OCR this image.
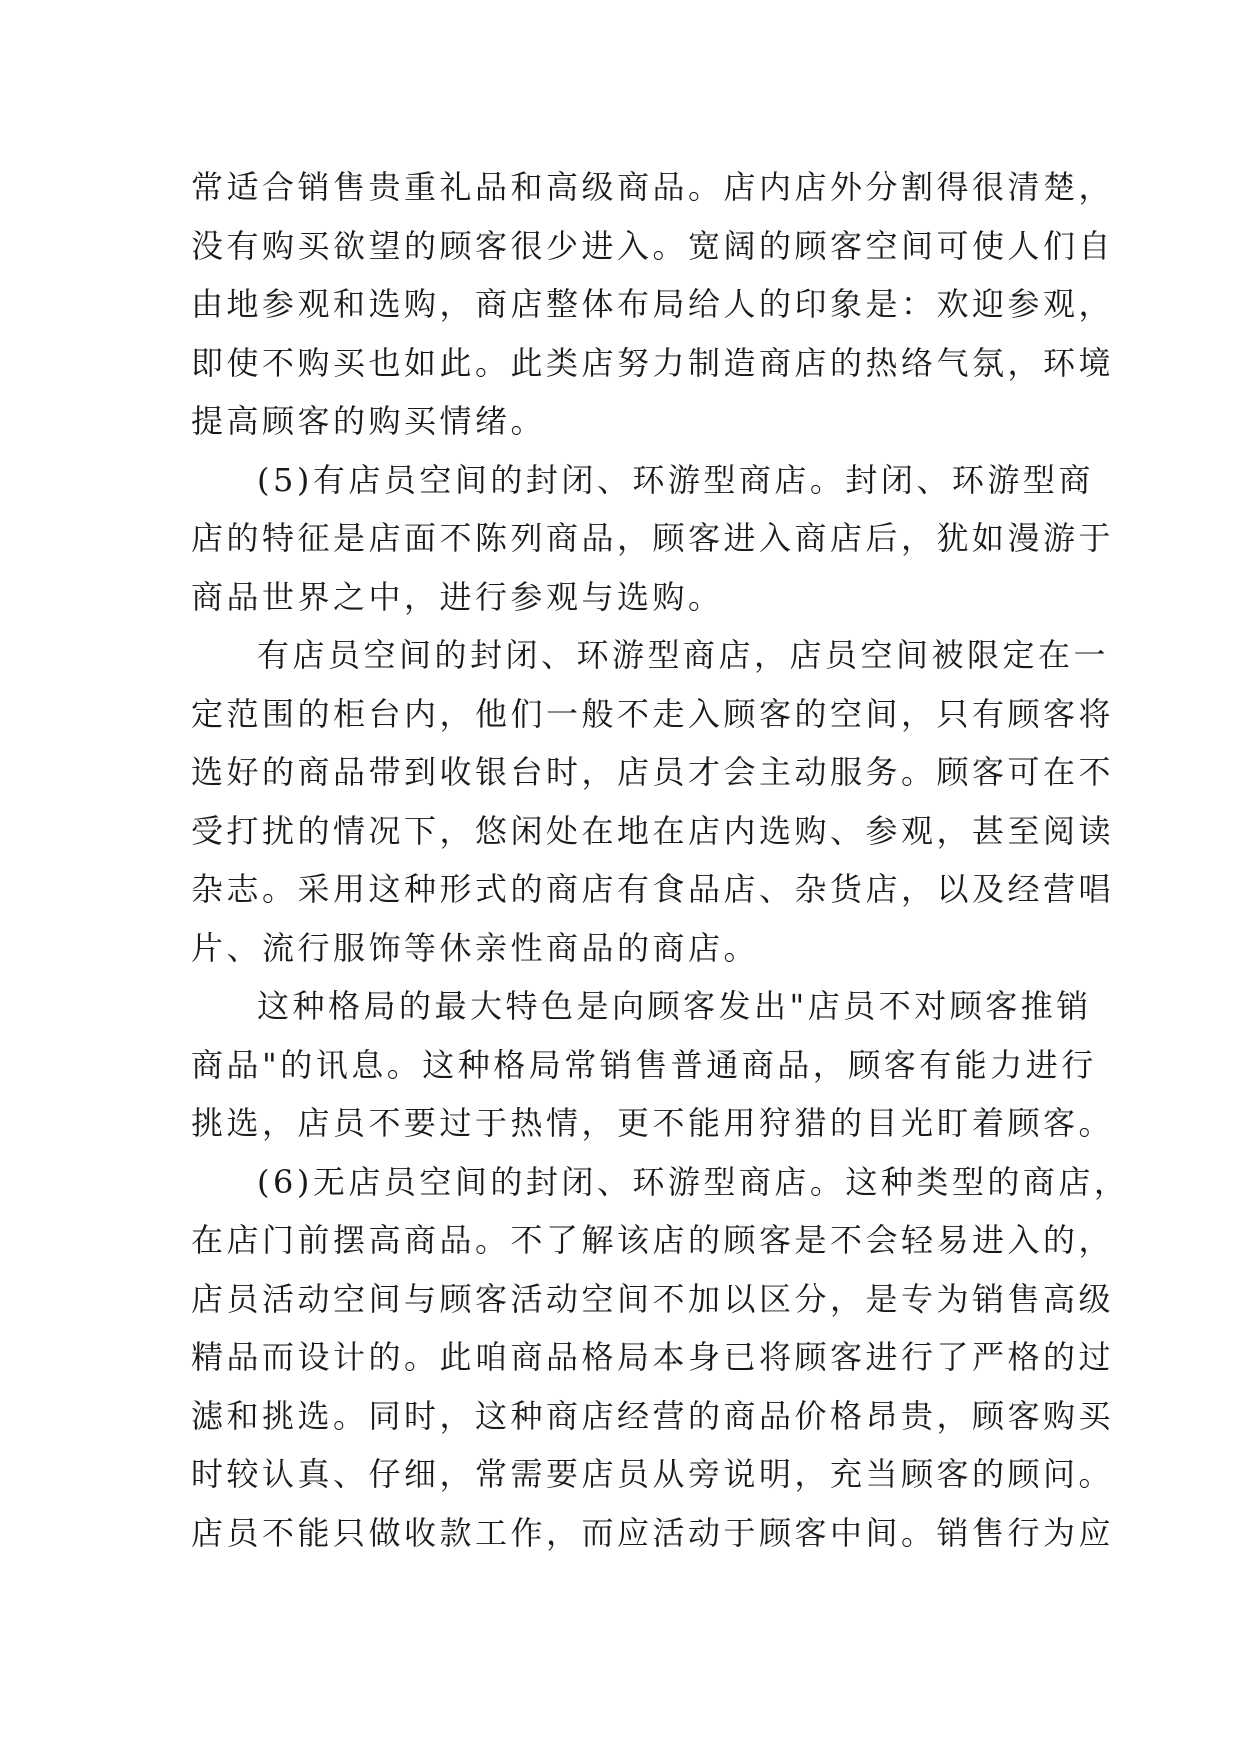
常适合销售贵重礼品和高级商品。店内店外分割得很清楚，
没有购买欲望的顾客很少进入。宽阔的顾客空间可使人们自
由地参观和选购，商店整体布局给人的印象是：欢迎参观，
即使不购买也如此。此类店努力制造商店的热络气氛，环境
提高顾客的购买情绪。
(5)有店员空间的封闭、环游型商店。封闭、环游型商
店的特征是店面不陈列商品，顾客进入商店后，犹如漫游于
商品世界之中，进行参观与选购。
有店员空间的封闭、环游型商店，店员空间被限定在一
定范围的柜台内，他们一般不走入顾客的空间，只有顾客将
选好的商品带到收银台时，店员才会主动服务。顾客可在不
受打扰的情况下，悠闲处在地在店内选购、参观，甚至阅读
杂志。采用这种形式的商店有食品店、杂货店，以及经营唱
片、流行服饰等休亲性商品的商店。
这种格局的最大特色是向顾客发出"店员不对顾客推销
商品"的讯息。这种格局常销售普通商品，顾客有能力进行
挑选，店员不要过于热情，更不能用狩猎的目光盯着顾客。
(6)无店员空间的封闭、环游型商店。这种类型的商店，
在店门前摆高商品。不了解该店的顾客是不会轻易进入的，
店员活动空间与顾客活动空间不加以区分，是专为销售高级
精品而设计的。此咱商品格局本身已将顾客进行了严格的过
滤和挑选。同时，这种商店经营的商品价格昂贵，顾客购买
时较认真、仔细，常需要店员从旁说明，充当顾客的顾问。
店员不能只做收款工作，而应活动于顾客中间。销售行为应
